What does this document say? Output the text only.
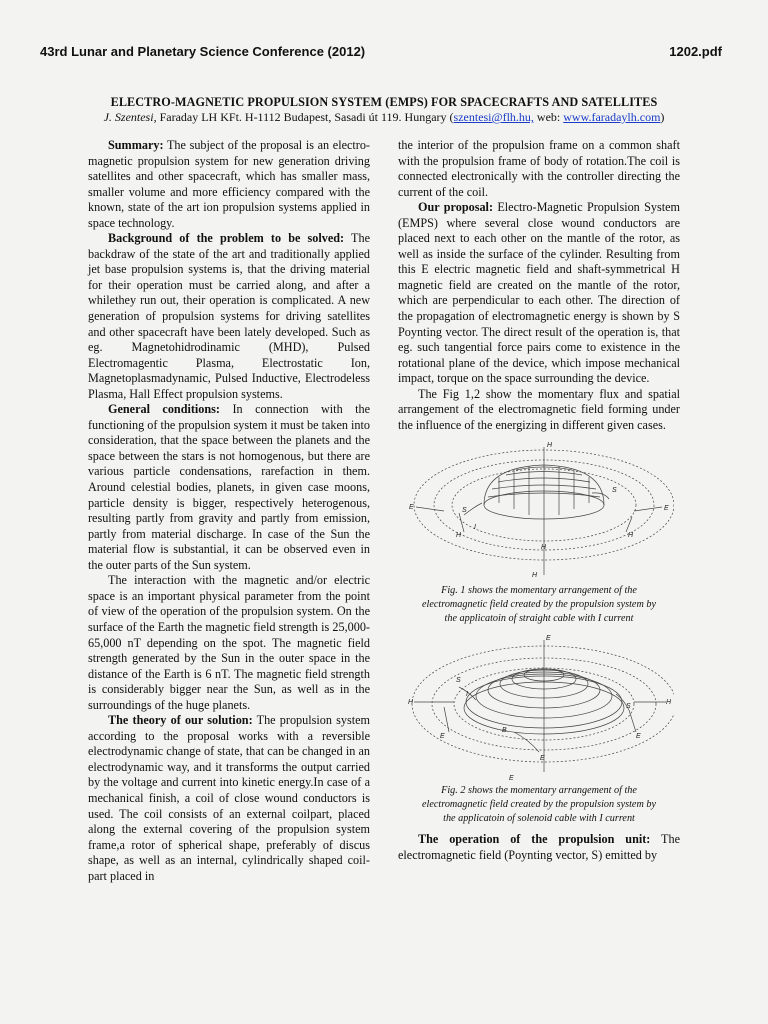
43rd Lunar and Planetary Science Conference (2012)	1202.pdf
ELECTRO-MAGNETIC PROPULSION SYSTEM (EMPS) FOR SPACECRAFTS AND SATELLITES
J. Szentesi, Faraday LH KFt. H-1112 Budapest, Sasadi út 119. Hungary (szentesi@flh.hu, web: www.faradaylh.com)

Summary: The subject of the proposal is an electro-magnetic propulsion system for new generation driving satellites and other spacecraft, which has smaller mass, smaller volume and more efficiency compared with the known, state of the art ion propulsion systems applied in space technology.

Background of the problem to be solved: The backdraw of the state of the art and traditionally applied jet base propulsion systems is, that the driving material for their operation must be carried along, and after a whilethey run out, their operation is complicated. A new generation of propulsion systems for driving satellites and other spacecraft have been lately developed. Such as eg. Magnetohidrodinamic (MHD), Pulsed Electromagentic Plasma, Electrostatic Ion, Magnetoplasmadynamic, Pulsed Inductive, Electrodeless Plasma, Hall Effect propulsion systems.

General conditions: In connection with the functioning of the propulsion system it must be taken into consideration, that the space between the planets and the space between the stars is not homogenous, but there are various particle condensations, rarefaction in them. Around celestial bodies, planets, in given case moons, particle density is bigger, respectively heterogenous, resulting partly from gravity and partly from emission, partly from material discharge. In case of the Sun the material flow is substantial, it can be observed even in the outer parts of the Sun system.

The interaction with the magnetic and/or electric space is an important physical parameter from the point of view of the operation of the propulsion system. On the surface of the Earth the magnetic field strength is 25,000-65,000 nT depending on the spot. The magnetic field strength generated by the Sun in the outer space in the distance of the Earth is 6 nT. The magnetic field strength is considerably bigger near the Sun, as well as in the surroundings of the huge planets.

The theory of our solution: The propulsion system according to the proposal works with a reversible electrodynamic change of state, that can be changed in an electrodynamic way, and it transforms the output carried by the voltage and current into kinetic energy.In case of a mechanical finish, a coil of close wound conductors is used. The coil consists of an external coilpart, placed along the external covering of the propulsion system frame,a rotor of spherical shape, preferably of discus shape, as well as an internal, cylindrically shaped coil-part placed in

the interior of the propulsion frame on a common shaft with the propulsion frame of body of rotation.The coil is connected electronically with the controller directing the current of the coil.

Our proposal: Electro-Magnetic Propulsion System (EMPS) where several close wound conductors are placed next to each other on the mantle of the rotor, as well as inside the surface of the cylinder. Resulting from this E electric magnetic field and shaft-symmetrical H magnetic field are created on the mantle of the rotor, which are perpendicular to each other. The direction of the propagation of electromagnetic energy is shown by S Poynting vector. The direct result of the operation is, that eg. such tangential force pairs come to existence in the rotational plane of the device, which impose mechanical impact, torque on the space surrounding the device.

The Fig 1,2 show the momentary flux and spatial arrangement of the electromagnetic field forming under the influence of the energizing in different given cases.

H
S
E	E
H	H
I
H
H
S
Fig. 1 shows the momentary arrangement of the
electromagnetic field created by the propulsion system by
the applicatoin of straight cable with I current
E
S
H	H
E	E
B
E
E
S
I
Fig. 2 shows the momentary arrangement of the
electromagnetic field created by the propulsion system by
the applicatoin of solenoid cable with I current

The operation of the propulsion unit: The electromagnetic field (Poynting vector, S) emitted by
